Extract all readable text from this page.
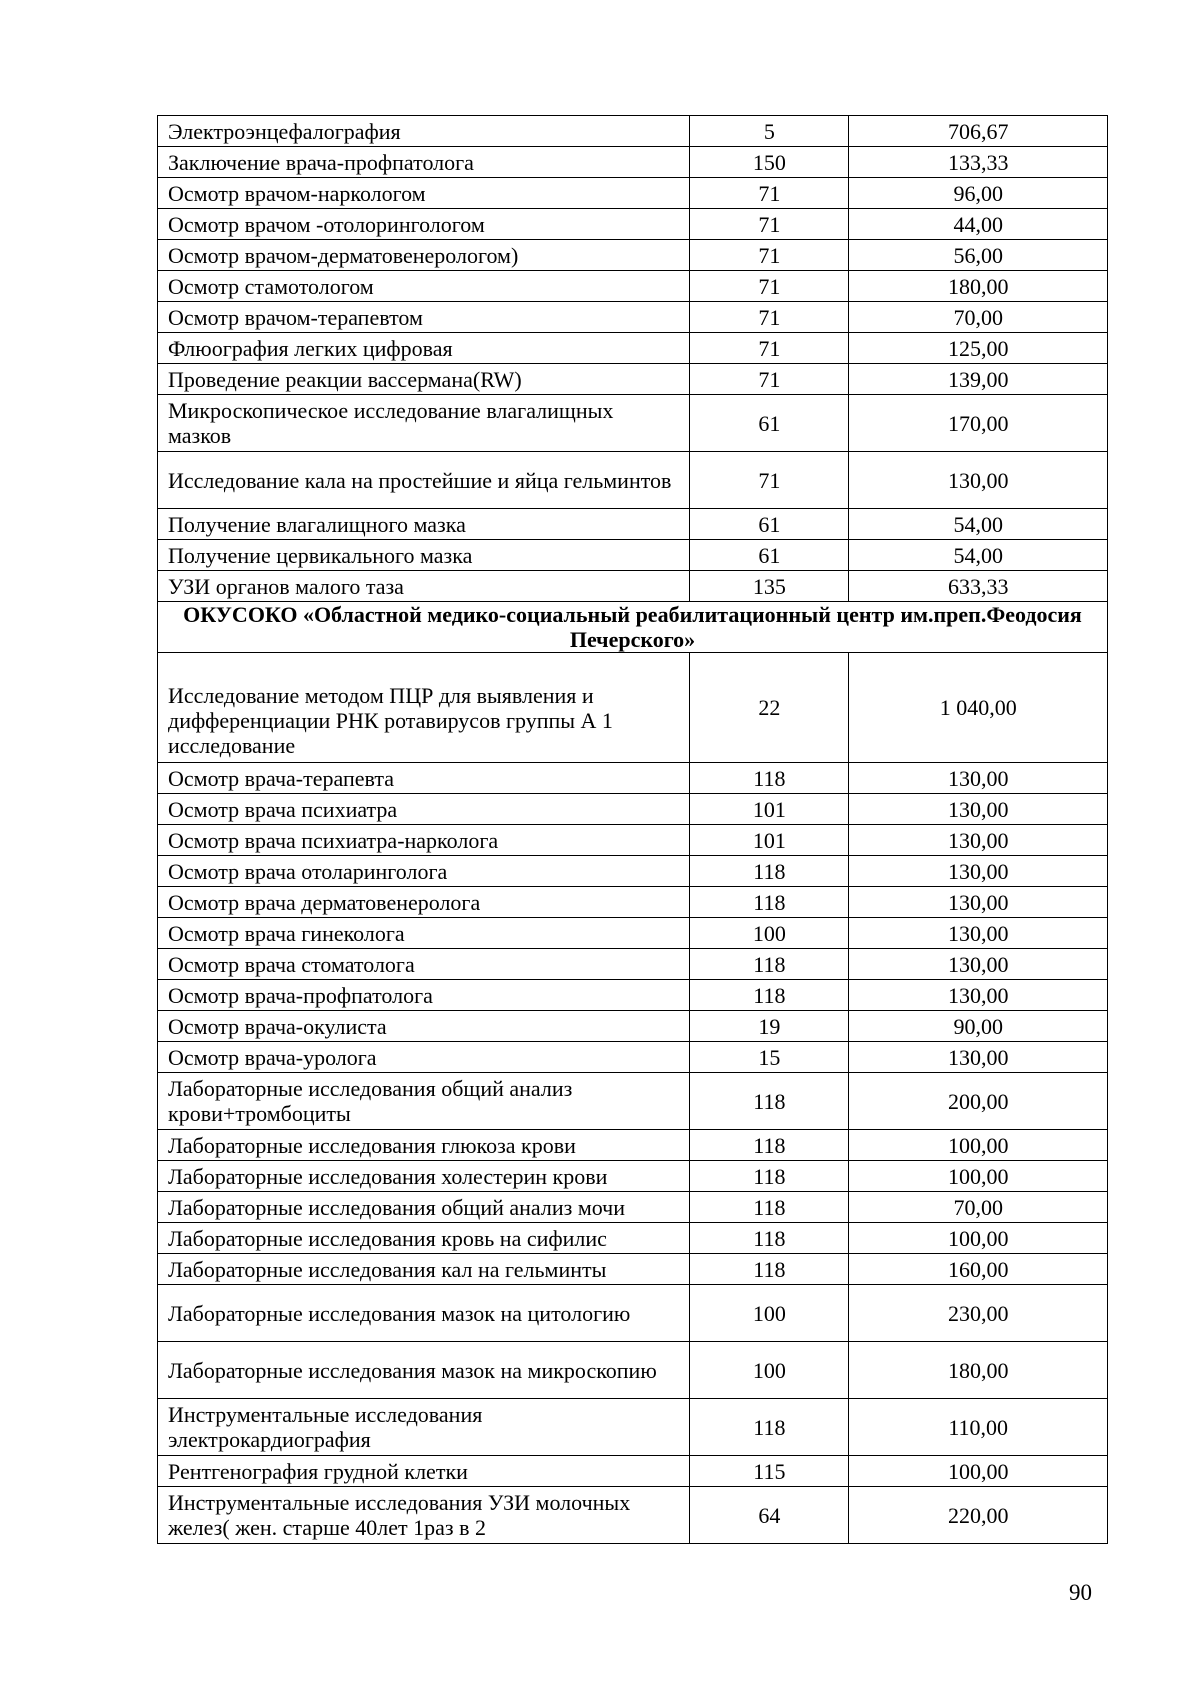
Электроэнцефалография	5	706,67
Заключение врача-профпатолога	150	133,33
Осмотр врачом-наркологом	71	96,00
Осмотр врачом -отолорингологом	71	44,00
Осмотр врачом-дерматовенерологом)	71	56,00
Осмотр стамотологом	71	180,00
Осмотр врачом-терапевтом	71	70,00
Флюография легких цифровая	71	125,00
Проведение реакции вассермана(RW)	71	139,00
Микроскопическое исследование влагалищных мазков	61	170,00
Исследование кала на простейшие и яйца гельминтов	71	130,00
Получение влагалищного мазка	61	54,00
Получение цервикального мазка	61	54,00
УЗИ органов малого таза	135	633,33
ОКУСОКО «Областной медико-социальный реабилитационный центр им.преп.Феодосия Печерского»		
Исследование методом ПЦР для выявления и дифференциации РНК ротавирусов группы А 1 исследование	22	1 040,00
Осмотр врача-терапевта	118	130,00
Осмотр врача психиатра	101	130,00
Осмотр врача психиатра-нарколога	101	130,00
Осмотр врача отоларинголога	118	130,00
Осмотр врача дерматовенеролога	118	130,00
Осмотр врача гинеколога	100	130,00
Осмотр врача стоматолога	118	130,00
Осмотр врача-профпатолога	118	130,00
Осмотр врача-окулиста	19	90,00
Осмотр врача-уролога	15	130,00
Лабораторные исследования общий анализ крови+тромбоциты	118	200,00
Лабораторные исследования глюкоза крови	118	100,00
Лабораторные исследования холестерин крови	118	100,00
Лабораторные исследования общий анализ мочи	118	70,00
Лабораторные исследования кровь на сифилис	118	100,00
Лабораторные исследования кал на гельминты	118	160,00
Лабораторные исследования мазок на цитологию	100	230,00
Лабораторные исследования мазок на микроскопию	100	180,00
Инструментальные исследования электрокардиография	118	110,00
Рентгенография грудной клетки	115	100,00
Инструментальные исследования УЗИ молочных желез( жен. старше 40лет 1раз в 2	64	220,00
90
